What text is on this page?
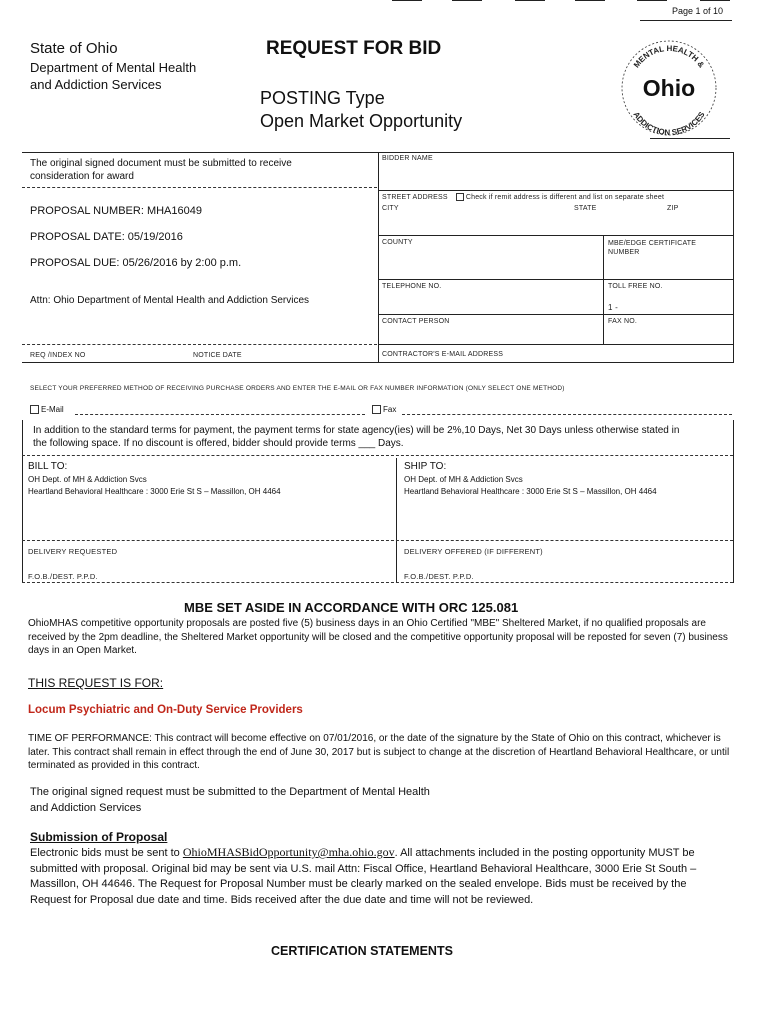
Page 1 of 10
State of Ohio
Department of Mental Health
and Addiction Services
REQUEST FOR BID
POSTING Type
Open Market Opportunity
MENTAL HEALTH &
Ohio
ADDICTION SERVICES
The original signed document must be submitted to receive consideration for award
PROPOSAL NUMBER: MHA16049
PROPOSAL DATE: 05/19/2016
PROPOSAL DUE: 05/26/2016 by 2:00 p.m.
Attn: Ohio Department of Mental Health and Addiction Services
REQ /INDEX NO	NOTICE DATE
BIDDER NAME
STREET ADDRESS	Check if remit address is different and list on separate sheet
CITY	STATE	ZIP
COUNTY	MBE/EDGE CERTIFICATE NUMBER
TELEPHONE NO.	TOLL FREE NO.
1 -
CONTACT PERSON	FAX NO.
CONTRACTOR'S E-MAIL ADDRESS
SELECT YOUR PREFERRED METHOD OF RECEIVING PURCHASE ORDERS AND ENTER THE E-MAIL OR FAX NUMBER INFORMATION (ONLY SELECT ONE METHOD)
E-Mail	Fax
In addition to the standard terms for payment, the payment terms for state agency(ies) will be 2%,10 Days, Net 30 Days unless otherwise stated in the following space. If no discount is offered, bidder should provide terms ___ Days.
BILL TO:
OH Dept. of MH & Addiction Svcs
Heartland Behavioral Healthcare : 3000 Erie St S – Massillon, OH 4464
SHIP TO:
OH Dept. of MH & Addiction Svcs
Heartland Behavioral Healthcare : 3000 Erie St S – Massillon, OH 4464
DELIVERY REQUESTED	DELIVERY OFFERED (IF DIFFERENT)
F.O.B./DEST. P.P.D.	F.O.B./DEST. P.P.D.
MBE SET ASIDE IN ACCORDANCE WITH ORC 125.081
OhioMHAS competitive opportunity proposals are posted five (5) business days in an Ohio Certified "MBE" Sheltered Market, if no qualified proposals are received by the 2pm deadline, the Sheltered Market opportunity will be closed and the competitive opportunity proposal will be reposted for seven (7) business days in an Open Market.
THIS REQUEST IS FOR:
Locum Psychiatric and On-Duty Service Providers
TIME OF PERFORMANCE: This contract will become effective on 07/01/2016, or the date of the signature by the State of Ohio on this contract, whichever is later. This contract shall remain in effect through the end of June 30, 2017 but is subject to change at the discretion of Heartland Behavioral Healthcare, or until terminated as provided in this contract.
The original signed request must be submitted to the Department of Mental Health
and Addiction Services
Submission of Proposal
Electronic bids must be sent to OhioMHASBidOpportunity@mha.ohio.gov. All attachments included in the posting opportunity MUST be submitted with proposal. Original bid may be sent via U.S. mail Attn: Fiscal Office, Heartland Behavioral Healthcare, 3000 Erie St South – Massillon, OH 44646. The Request for Proposal Number must be clearly marked on the sealed envelope. Bids must be received by the Request for Proposal due date and time. Bids received after the due date and time will not be reviewed.
CERTIFICATION STATEMENTS
